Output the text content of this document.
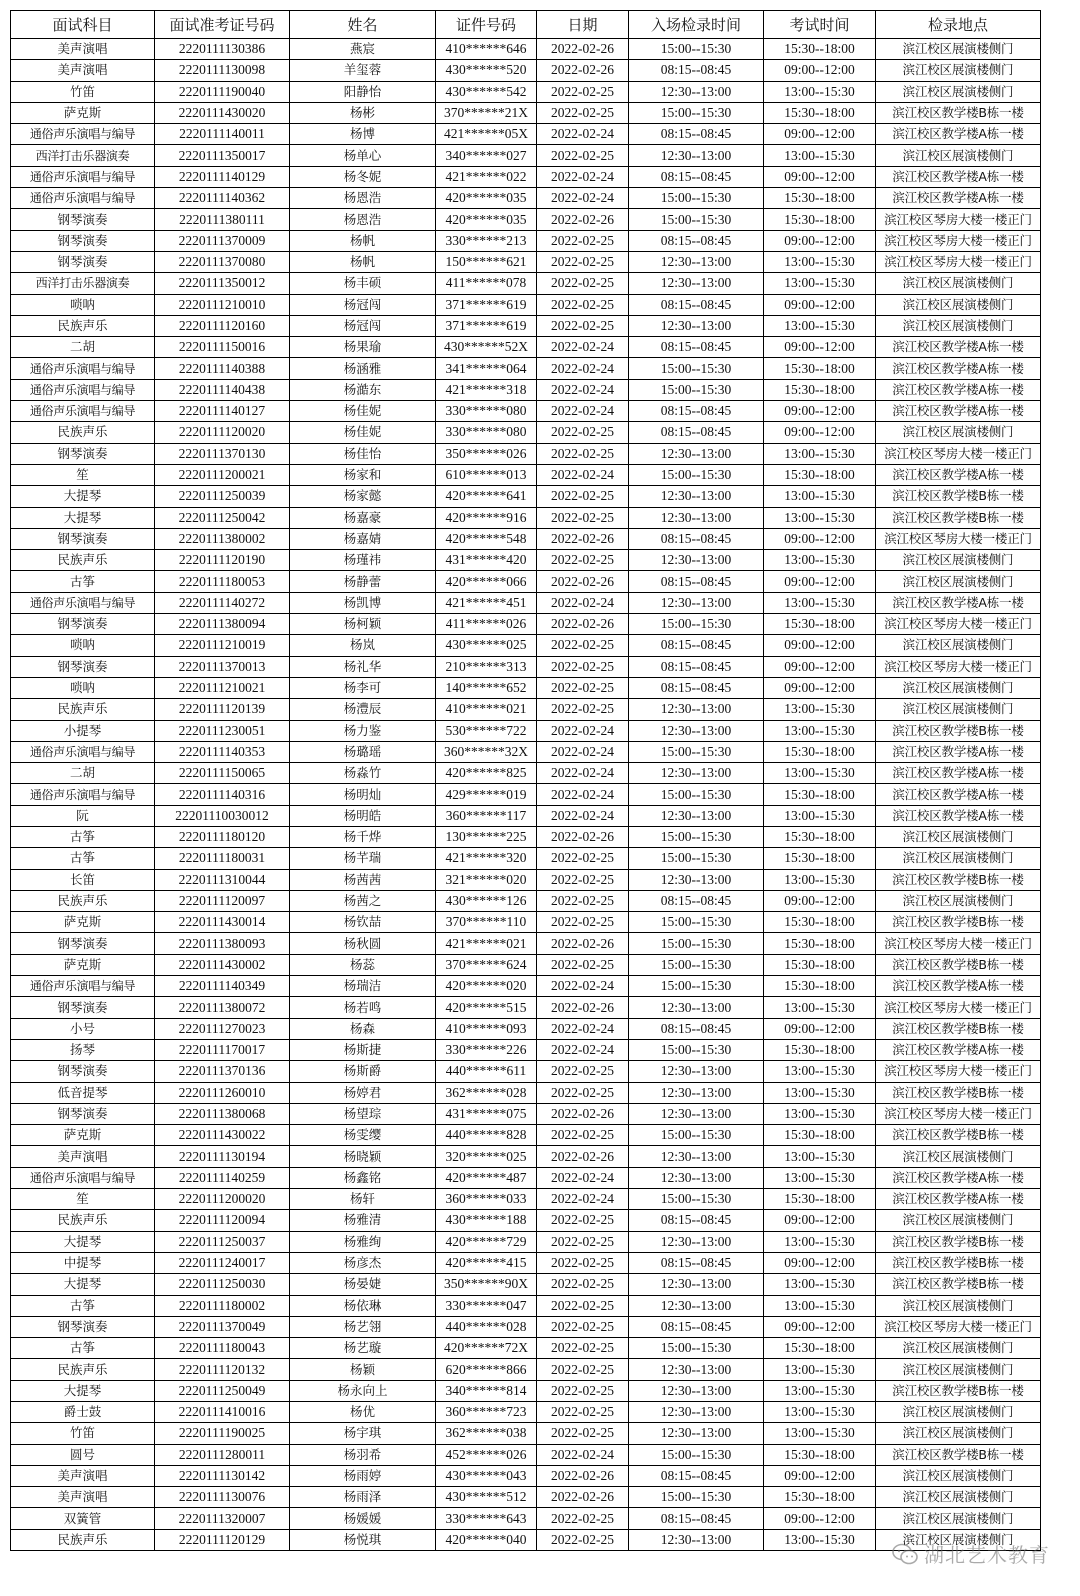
面试科目	面试准考证号码	姓名	证件号码	日期	入场检录时间	考试时间	检录地点
美声演唱	2220111130386	燕宸	410******646	2022-02-26	15:00--15:30	15:30--18:00	滨江校区展演楼侧门
美声演唱	2220111130098	羊玺蓉	430******520	2022-02-26	08:15--08:45	09:00--12:00	滨江校区展演楼侧门
竹笛	2220111190040	阳静怡	430******542	2022-02-25	12:30--13:00	13:00--15:30	滨江校区展演楼侧门
萨克斯	2220111430020	杨彬	370******21X	2022-02-25	15:00--15:30	15:30--18:00	滨江校区教学楼B栋一楼
通俗声乐演唱与编导	2220111140011	杨博	421******05X	2022-02-24	08:15--08:45	09:00--12:00	滨江校区教学楼A栋一楼
西洋打击乐器演奏	2220111350017	杨单心	340******027	2022-02-25	12:30--13:00	13:00--15:30	滨江校区展演楼侧门
通俗声乐演唱与编导	2220111140129	杨冬妮	421******022	2022-02-24	08:15--08:45	09:00--12:00	滨江校区教学楼A栋一楼
通俗声乐演唱与编导	2220111140362	杨恩浩	420******035	2022-02-24	15:00--15:30	15:30--18:00	滨江校区教学楼A栋一楼
钢琴演奏	2220111380111	杨恩浩	420******035	2022-02-26	15:00--15:30	15:30--18:00	滨江校区琴房大楼一楼正门
钢琴演奏	2220111370009	杨帆	330******213	2022-02-25	08:15--08:45	09:00--12:00	滨江校区琴房大楼一楼正门
钢琴演奏	2220111370080	杨帆	150******621	2022-02-25	12:30--13:00	13:00--15:30	滨江校区琴房大楼一楼正门
西洋打击乐器演奏	2220111350012	杨丰硕	411******078	2022-02-25	12:30--13:00	13:00--15:30	滨江校区展演楼侧门
唢呐	2220111210010	杨冠闯	371******619	2022-02-25	08:15--08:45	09:00--12:00	滨江校区展演楼侧门
民族声乐	2220111120160	杨冠闯	371******619	2022-02-25	12:30--13:00	13:00--15:30	滨江校区展演楼侧门
二胡	2220111150016	杨果瑜	430******52X	2022-02-24	08:15--08:45	09:00--12:00	滨江校区教学楼A栋一楼
通俗声乐演唱与编导	2220111140388	杨涵雅	341******064	2022-02-24	15:00--15:30	15:30--18:00	滨江校区教学楼A栋一楼
通俗声乐演唱与编导	2220111140438	杨澔东	421******318	2022-02-24	15:00--15:30	15:30--18:00	滨江校区教学楼A栋一楼
通俗声乐演唱与编导	2220111140127	杨佳妮	330******080	2022-02-24	08:15--08:45	09:00--12:00	滨江校区教学楼A栋一楼
民族声乐	2220111120020	杨佳妮	330******080	2022-02-25	08:15--08:45	09:00--12:00	滨江校区展演楼侧门
钢琴演奏	2220111370130	杨佳怡	350******026	2022-02-25	12:30--13:00	13:00--15:30	滨江校区琴房大楼一楼正门
笙	2220111200021	杨家和	610******013	2022-02-24	15:00--15:30	15:30--18:00	滨江校区教学楼A栋一楼
大提琴	2220111250039	杨家懿	420******641	2022-02-25	12:30--13:00	13:00--15:30	滨江校区教学楼B栋一楼
大提琴	2220111250042	杨嘉豪	420******916	2022-02-25	12:30--13:00	13:00--15:30	滨江校区教学楼B栋一楼
钢琴演奏	2220111380002	杨嘉婧	420******548	2022-02-26	08:15--08:45	09:00--12:00	滨江校区琴房大楼一楼正门
民族声乐	2220111120190	杨瑾祎	431******420	2022-02-25	12:30--13:00	13:00--15:30	滨江校区展演楼侧门
古筝	2220111180053	杨静蕾	420******066	2022-02-26	08:15--08:45	09:00--12:00	滨江校区展演楼侧门
通俗声乐演唱与编导	2220111140272	杨凯博	421******451	2022-02-24	12:30--13:00	13:00--15:30	滨江校区教学楼A栋一楼
钢琴演奏	2220111380094	杨柯颖	411******026	2022-02-26	15:00--15:30	15:30--18:00	滨江校区琴房大楼一楼正门
唢呐	2220111210019	杨岚	430******025	2022-02-25	08:15--08:45	09:00--12:00	滨江校区展演楼侧门
钢琴演奏	2220111370013	杨礼华	210******313	2022-02-25	08:15--08:45	09:00--12:00	滨江校区琴房大楼一楼正门
唢呐	2220111210021	杨李可	140******652	2022-02-25	08:15--08:45	09:00--12:00	滨江校区展演楼侧门
民族声乐	2220111120139	杨澧辰	410******021	2022-02-25	12:30--13:00	13:00--15:30	滨江校区展演楼侧门
小提琴	2220111230051	杨力鉴	530******722	2022-02-24	12:30--13:00	13:00--15:30	滨江校区教学楼B栋一楼
通俗声乐演唱与编导	2220111140353	杨璐瑶	360******32X	2022-02-24	15:00--15:30	15:30--18:00	滨江校区教学楼A栋一楼
二胡	2220111150065	杨淼竹	420******825	2022-02-24	12:30--13:00	13:00--15:30	滨江校区教学楼A栋一楼
通俗声乐演唱与编导	2220111140316	杨明灿	429******019	2022-02-24	15:00--15:30	15:30--18:00	滨江校区教学楼A栋一楼
阮	22201110030012	杨明皓	360******117	2022-02-24	12:30--13:00	13:00--15:30	滨江校区教学楼A栋一楼
古筝	2220111180120	杨千烨	130******225	2022-02-26	15:00--15:30	15:30--18:00	滨江校区展演楼侧门
古筝	2220111180031	杨芊瑞	421******320	2022-02-25	15:00--15:30	15:30--18:00	滨江校区展演楼侧门
长笛	2220111310044	杨茜茜	321******020	2022-02-25	12:30--13:00	13:00--15:30	滨江校区教学楼B栋一楼
民族声乐	2220111120097	杨茜之	430******126	2022-02-25	08:15--08:45	09:00--12:00	滨江校区展演楼侧门
萨克斯	2220111430014	杨钦喆	370******110	2022-02-25	15:00--15:30	15:30--18:00	滨江校区教学楼B栋一楼
钢琴演奏	2220111380093	杨秋圆	421******021	2022-02-26	15:00--15:30	15:30--18:00	滨江校区琴房大楼一楼正门
萨克斯	2220111430002	杨蕊	370******624	2022-02-25	15:00--15:30	15:30--18:00	滨江校区教学楼B栋一楼
通俗声乐演唱与编导	2220111140349	杨瑞洁	420******020	2022-02-24	15:00--15:30	15:30--18:00	滨江校区教学楼A栋一楼
钢琴演奏	2220111380072	杨若鸣	420******515	2022-02-26	12:30--13:00	13:00--15:30	滨江校区琴房大楼一楼正门
小号	2220111270023	杨森	410******093	2022-02-24	08:15--08:45	09:00--12:00	滨江校区教学楼B栋一楼
扬琴	2220111170017	杨斯捷	330******226	2022-02-24	15:00--15:30	15:30--18:00	滨江校区教学楼A栋一楼
钢琴演奏	2220111370136	杨斯爵	440******611	2022-02-25	12:30--13:00	13:00--15:30	滨江校区琴房大楼一楼正门
低音提琴	2220111260010	杨婷君	362******028	2022-02-25	12:30--13:00	13:00--15:30	滨江校区教学楼B栋一楼
钢琴演奏	2220111380068	杨望琮	431******075	2022-02-26	12:30--13:00	13:00--15:30	滨江校区琴房大楼一楼正门
萨克斯	2220111430022	杨雯缨	440******828	2022-02-25	15:00--15:30	15:30--18:00	滨江校区教学楼B栋一楼
美声演唱	2220111130194	杨晓颖	320******025	2022-02-26	12:30--13:00	13:00--15:30	滨江校区展演楼侧门
通俗声乐演唱与编导	2220111140259	杨鑫铭	420******487	2022-02-24	12:30--13:00	13:00--15:30	滨江校区教学楼A栋一楼
笙	2220111200020	杨轩	360******033	2022-02-24	15:00--15:30	15:30--18:00	滨江校区教学楼A栋一楼
民族声乐	2220111120094	杨雅清	430******188	2022-02-25	08:15--08:45	09:00--12:00	滨江校区展演楼侧门
大提琴	2220111250037	杨雅绚	420******729	2022-02-25	12:30--13:00	13:00--15:30	滨江校区教学楼B栋一楼
中提琴	2220111240017	杨彦杰	420******415	2022-02-25	08:15--08:45	09:00--12:00	滨江校区教学楼B栋一楼
大提琴	2220111250030	杨晏婕	350******90X	2022-02-25	12:30--13:00	13:00--15:30	滨江校区教学楼B栋一楼
古筝	2220111180002	杨依琳	330******047	2022-02-25	12:30--13:00	13:00--15:30	滨江校区展演楼侧门
钢琴演奏	2220111370049	杨艺翎	440******028	2022-02-25	08:15--08:45	09:00--12:00	滨江校区琴房大楼一楼正门
古筝	2220111180043	杨艺璇	420******72X	2022-02-25	15:00--15:30	15:30--18:00	滨江校区展演楼侧门
民族声乐	2220111120132	杨颖	620******866	2022-02-25	12:30--13:00	13:00--15:30	滨江校区展演楼侧门
大提琴	2220111250049	杨永向上	340******814	2022-02-25	12:30--13:00	13:00--15:30	滨江校区教学楼B栋一楼
爵士鼓	2220111410016	杨优	360******723	2022-02-25	12:30--13:00	13:00--15:30	滨江校区展演楼侧门
竹笛	2220111190025	杨宇琪	362******038	2022-02-25	12:30--13:00	13:00--15:30	滨江校区展演楼侧门
圆号	2220111280011	杨羽希	452******026	2022-02-24	15:00--15:30	15:30--18:00	滨江校区教学楼B栋一楼
美声演唱	2220111130142	杨雨婷	430******043	2022-02-26	08:15--08:45	09:00--12:00	滨江校区展演楼侧门
美声演唱	2220111130076	杨雨泽	430******512	2022-02-26	15:00--15:30	15:30--18:00	滨江校区展演楼侧门
双簧管	2220111320007	杨媛媛	330******643	2022-02-25	08:15--08:45	09:00--12:00	滨江校区展演楼侧门
民族声乐	2220111120129	杨悦琪	420******040	2022-02-25	12:30--13:00	13:00--15:30	滨江校区展演楼侧门
湖北艺术教育
